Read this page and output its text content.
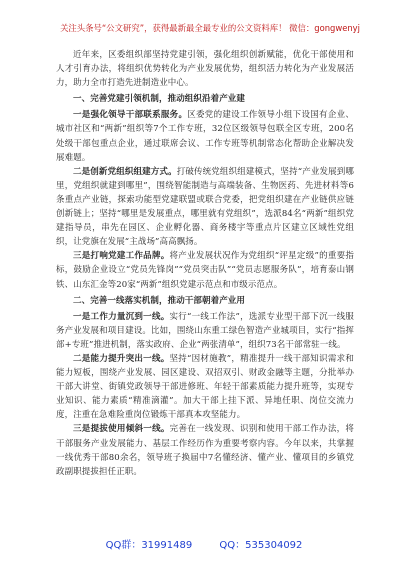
关注头条号“公文研究”，获得最新最全最专业的公文资料库！ 微信：gongwenyj

近年来，区委组织部坚持党建引领，强化组织创新赋能，优化干部使用和人才引育办法，将组织优势转化为产业发展优势，组织活力转化为产业发展活力，助力全市打造先进制造业中心。

一、完善党建引领机制，推动组织沿着产业建

一是强化领导干部联系服务。区委党的建设工作领导小组下设国有企业、城市社区和“两新”组织等7个工作专班，32位区级领导包联全区专班，200名处级干部包重点企业，通过联席会议、工作专班等机制常态化帮助企业解决发展难题。

二是创新党组织组建方式。打破传统党组织组建模式，坚持“产业发展到哪里，党组织就建到哪里”，围绕智能制造与高端装备、生物医药、先进材料等6条重点产业链，探索功能型党建联盟或联合党委，把党组织建在产业链供应链创新链上；坚持“哪里是发展重点，哪里就有党组织”，选派84名“两新”组织党建指导员，串先在园区、企业孵化器、商务楼宇等重点片区建立区域性党组织，让党旗在发展“主战场”高高飘扬。

三是打响党建工作品牌。将产业发展状况作为党组织“评星定级”的重要指标，鼓励企业设立“党员先锋岗”“党员突击队”“党员志愿服务队”，培育泰山钢铁、山东汇金等20家“两新”组织党建示范点和市级示范点。

二、完善一线落实机制，推动干部朝着产业用

一是工作力量沉到一线。实行“一线工作法”，选派专业型干部下沉一线服务产业发展和项目建设。比如，围绕山东重工绿色智造产业城项目，实行“指挥部+专班”推进机制，落实政府、企业“两张清单”，组织73名干部常驻一线。

二是能力提升突出一线。坚持“因材施教”，精准提升一线干部知识需求和能力短板，围绕产业发展、园区建设、双招双引、财政金融等主题，分批举办干部大讲堂、街镇党政领导干部进修班、年轻干部素质能力提升班等，实现专业知识、能力素质“精准滴灌”。加大干部上挂下派、异地任职、岗位交流力度，注重在急难险重岗位锻炼干部真本攻坚能力。

三是提拔使用倾斜一线。完善在一线发现、识别和使用干部工作办法，将干部服务产业发展能力、基层工作经历作为重要考察内容。今年以来，共掌握一线优秀干部80余名，领导班子换届中7名懂经济、懂产业、懂项目的乡镇党政副职提拔担任正职。

QQ群：31991489	QQ：535304092
